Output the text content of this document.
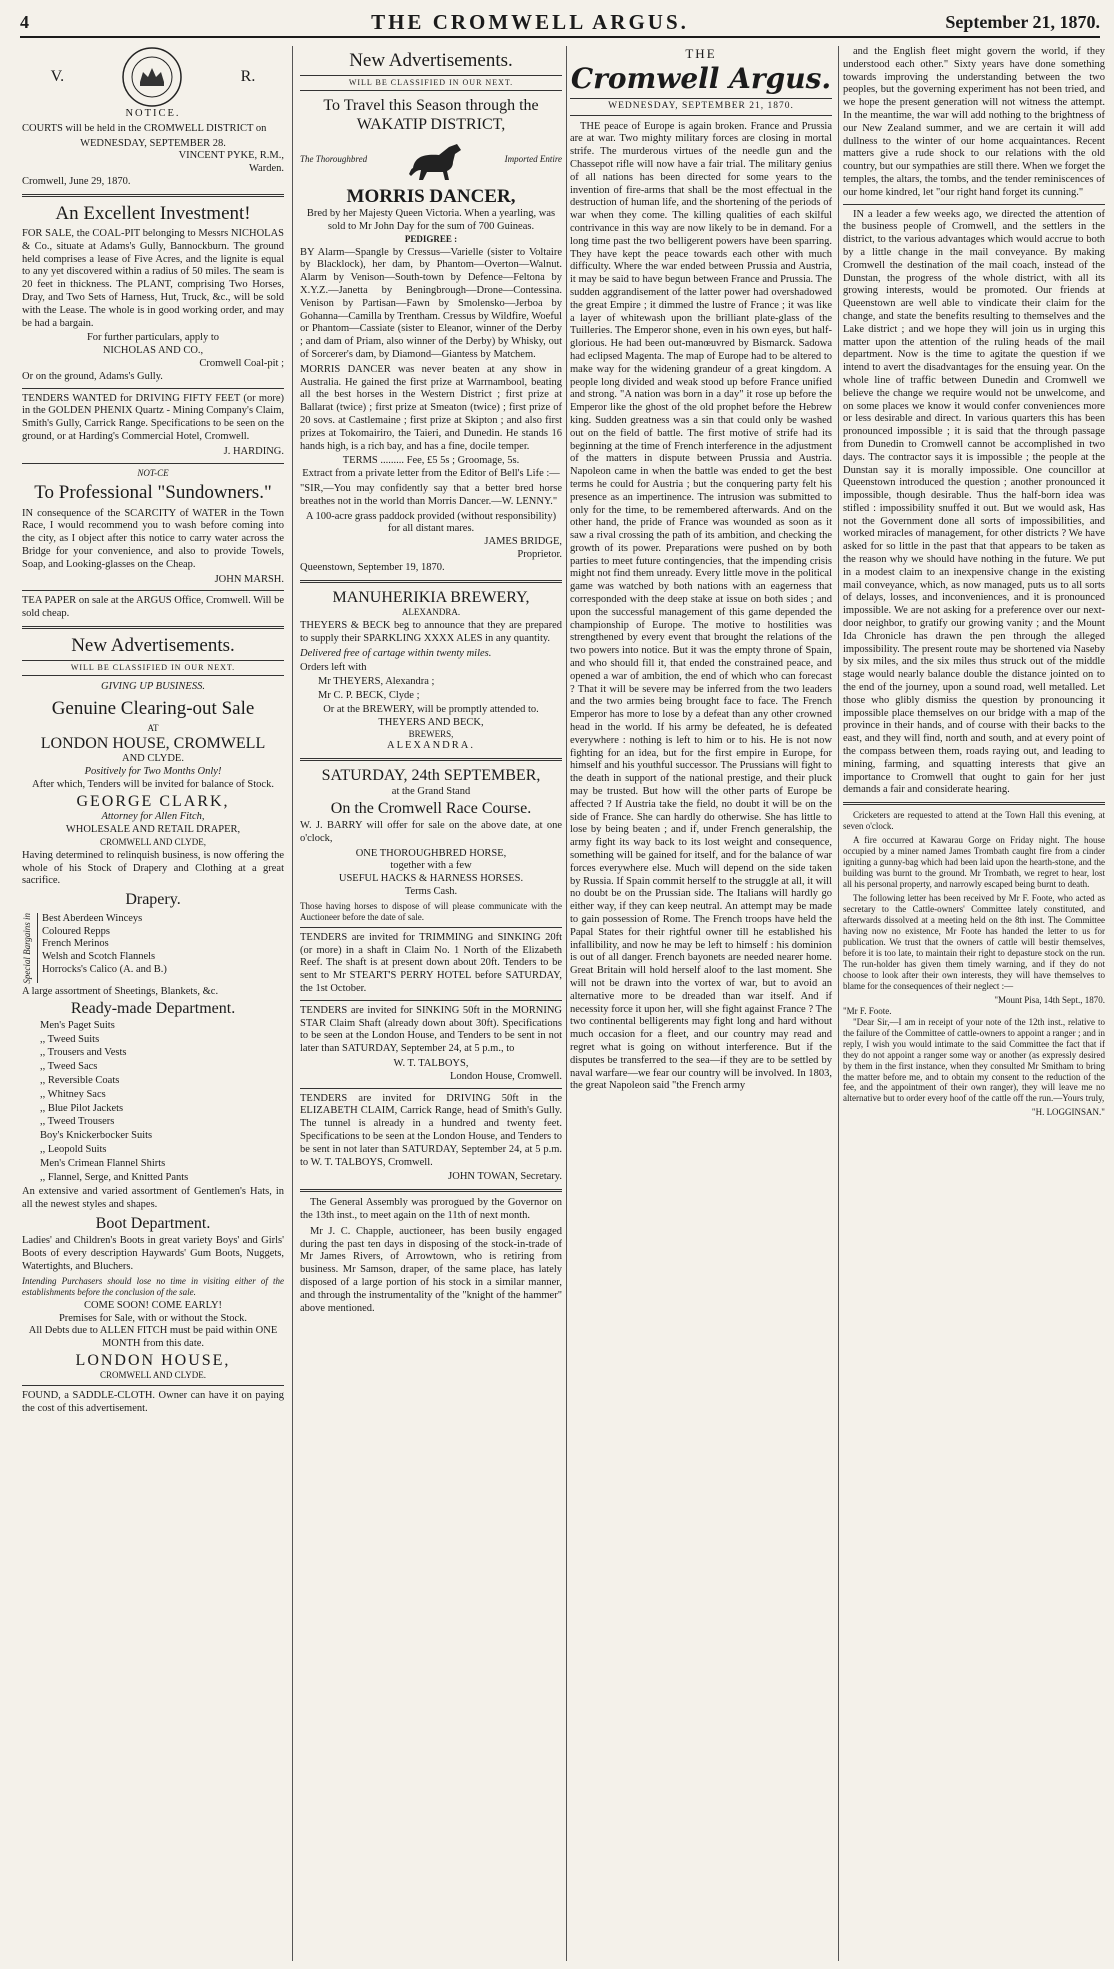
4	THE CROMWELL ARGUS.	September 21, 1870.
V.	R.
NOTICE.
COURTS will be held in the CROMWELL DISTRICT on
WEDNESDAY, SEPTEMBER 28.
VINCENT PYKE, R.M.,
Warden.
Cromwell, June 29, 1870.
An Excellent Investment!
FOR SALE, the COAL-PIT belonging to Messrs NICHOLAS & Co., situate at Adams's Gully, Bannockburn. The ground held comprises a lease of Five Acres, and the lignite is equal to any yet discovered within a radius of 50 miles. The seam is 20 feet in thickness. The PLANT, comprising Two Horses, Dray, and Two Sets of Harness, Hut, Truck, &c., will be sold with the Lease. The whole is in good working order, and may be had a bargain.
For further particulars, apply to
NICHOLAS AND CO.,
Cromwell Coal-pit ;
Or on the ground, Adams's Gully.
TENDERS WANTED for DRIVING FIFTY FEET (or more) in the GOLDEN PHENIX Quartz - Mining Company's Claim, Smith's Gully, Carrick Range. Specifications to be seen on the ground, or at Harding's Commercial Hotel, Cromwell.
J. HARDING.
NOT-CE
To Professional "Sundowners."
IN consequence of the SCARCITY of WATER in the Town Race, I would recommend you to wash before coming into the city, as I object after this notice to carry water across the Bridge for your convenience, and also to provide Towels, Soap, and Looking-glasses on the Cheap.
JOHN MARSH.
TEA PAPER on sale at the ARGUS Office, Cromwell. Will be sold cheap.
New Advertisements.
WILL BE CLASSIFIED IN OUR NEXT.
GIVING UP BUSINESS.
Genuine Clearing-out Sale
AT
LONDON HOUSE, CROMWELL
AND CLYDE.
Positively for Two Months Only!
After which, Tenders will be invited for balance of Stock.
GEORGE CLARK,
Attorney for Allen Fitch,
WHOLESALE AND RETAIL DRAPER,
CROMWELL AND CLYDE,
Having determined to relinquish business, is now offering the whole of his Stock of Drapery and Clothing at a great sacrifice.
Drapery.
Special Bargains in Best Aberdeen Winceys
Coloured Repps
French Merinos
Welsh and Scotch Flannels
Horrocks's Calico (A. and B.)
A large assortment of Sheetings, Blankets, &c.
Ready-made Department.
Men's Paget Suits
,, Tweed Suits
,, Trousers and Vests
,, Tweed Sacs
,, Reversible Coats
,, Whitney Sacs
,, Blue Pilot Jackets
,, Tweed Trousers
Boy's Knickerbocker Suits
,, Leopold Suits
Men's Crimean Flannel Shirts
,, Flannel, Serge, and Knitted Pants
An extensive and varied assortment of Gentlemen's Hats, in all the newest styles and shapes.
Boot Department.
Ladies' and Children's Boots in great variety Boys' and Girls' Boots of every description Haywards' Gum Boots, Nuggets, Watertights, and Bluchers.
Intending Purchasers should lose no time in visiting either of the establishments before the conclusion of the sale.
COME SOON! COME EARLY!
Premises for Sale, with or without the Stock.
All Debts due to ALLEN FITCH must be paid within ONE MONTH from this date.
LONDON HOUSE,
CROMWELL AND CLYDE.
FOUND, a SADDLE-CLOTH. Owner can have it on paying the cost of this advertisement.
New Advertisements.
WILL BE CLASSIFIED IN OUR NEXT.
To Travel this Season through the WAKATIP DISTRICT,
The Thoroughbred	Imported Entire
MORRIS DANCER,
Bred by her Majesty Queen Victoria. When a yearling, was sold to Mr John Day for the sum of 700 Guineas.
PEDIGREE :
BY Alarm—Spangle by Cressus—Varielle (sister to Voltaire by Blacklock), her dam, by Phantom—Overton—Walnut. Alarm by Venison—South-town by Defence—Feltona by X.Y.Z.—Janetta by Beningbrough—Drone—Contessina. Venison by Partisan—Fawn by Smolensko—Jerboa by Gohanna—Camilla by Trentham. Cressus by Wildfire, Woeful or Phantom—Cassiate (sister to Eleanor, winner of the Derby ; and dam of Priam, also winner of the Derby) by Whisky, out of Sorcerer's dam, by Diamond—Giantess by Matchem.
MORRIS DANCER was never beaten at any show in Australia. He gained the first prize at Warrnambool, beating all the best horses in the Western District ; first prize at Ballarat (twice) ; first prize at Smeaton (twice) ; first prize of 20 sovs. at Castlemaine ; first prize at Skipton ; and also first prizes at Tokomairiro, the Taieri, and Dunedin. He stands 16 hands high, is a rich bay, and has a fine, docile temper.
TERMS ......... Fee, £5 5s ; Groomage, 5s.
Extract from a private letter from the Editor of Bell's Life :—
"SIR,—You may confidently say that a better bred horse breathes not in the world than Morris Dancer.—W. LENNY."
A 100-acre grass paddock provided (without responsibility) for all distant mares.
JAMES BRIDGE,
Proprietor.
Queenstown, September 19, 1870.
MANUHERIKIA BREWERY,
ALEXANDRA.
THEYERS & BECK beg to announce that they are prepared to supply their SPARKLING XXXX ALES in any quantity.
Delivered free of cartage within twenty miles.
Orders left with
Mr THEYERS, Alexandra ;
Mr C. P. BECK, Clyde ;
Or at the BREWERY, will be promptly attended to.
THEYERS AND BECK,
BREWERS,
ALEXANDRA.
SATURDAY, 24th SEPTEMBER,
at the Grand Stand
On the Cromwell Race Course.
W. J. BARRY will offer for sale on the above date, at one o'clock,
ONE THOROUGHBRED HORSE,
together with a few
USEFUL HACKS & HARNESS HORSES.
Terms Cash.
Those having horses to dispose of will please communicate with the Auctioneer before the date of sale.
TENDERS are invited for TRIMMING and SINKING 20ft (or more) in a shaft in Claim No. 1 North of the Elizabeth Reef. The shaft is at present down about 20ft. Tenders to be sent to Mr STEART'S PERRY HOTEL before SATURDAY, the 1st October.
TENDERS are invited for SINKING 50ft in the MORNING STAR Claim Shaft (already down about 30ft). Specifications to be seen at the London House, and Tenders to be sent in not later than SATURDAY, September 24, at 5 p.m., to
W. T. TALBOYS,
London House, Cromwell.
TENDERS are invited for DRIVING 50ft in the ELIZABETH CLAIM, Carrick Range, head of Smith's Gully. The tunnel is already in a hundred and twenty feet. Specifications to be seen at the London House, and Tenders to be sent in not later than SATURDAY, September 24, at 5 p.m. to W. T. TALBOYS, Cromwell.
JOHN TOWAN, Secretary.
The General Assembly was prorogued by the Governor on the 13th inst., to meet again on the 11th of next month.
Mr J. C. Chapple, auctioneer, has been busily engaged during the past ten days in disposing of the stock-in-trade of Mr James Rivers, of Arrowtown, who is retiring from business. Mr Samson, draper, of the same place, has lately disposed of a large portion of his stock in a similar manner, and through the instrumentality of the "knight of the hammer" above mentioned.
THE
Cromwell Argus.
WEDNESDAY, SEPTEMBER 21, 1870.
THE peace of Europe is again broken. France and Prussia are at war. Two mighty military forces are closing in mortal strife. The murderous virtues of the needle gun and the Chassepot rifle will now have a fair trial. The military genius of all nations has been directed for some years to the invention of fire-arms that shall be the most effectual in the destruction of human life, and the shortening of the periods of war when they come. The killing qualities of each skilful contrivance in this way are now likely to be in demand. For a long time past the two belligerent powers have been sparring. They have kept the peace towards each other with much difficulty. Where the war ended between Prussia and Austria, it may be said to have begun between France and Prussia. The sudden aggrandisement of the latter power had overshadowed the great Empire ; it dimmed the lustre of France ; it was like a layer of whitewash upon the brilliant plate-glass of the Tuilleries. The Emperor shone, even in his own eyes, but half-glorious. He had been out-manœuvred by Bismarck. Sadowa had eclipsed Magenta. The map of Europe had to be altered to make way for the widening grandeur of a great kingdom. A people long divided and weak stood up before France unified and strong. "A nation was born in a day" it rose up before the Emperor like the ghost of the old prophet before the Hebrew king. Sudden greatness was a sin that could only be washed out on the field of battle. The first motive of strife had its beginning at the time of French interference in the adjustment of the matters in dispute between Prussia and Austria. Napoleon came in when the battle was ended to get the best terms he could for Austria ; but the conquering party felt his presence as an impertinence. The intrusion was submitted to only for the time, to be remembered afterwards. And on the other hand, the pride of France was wounded as soon as it saw a rival crossing the path of its ambition, and checking the growth of its power. Preparations were pushed on by both parties to meet future contingencies, that the impending crisis might not find them unready. Every little move in the political game was watched by both nations with an eagerness that corresponded with the deep stake at issue on both sides ; and upon the successful management of this game depended the championship of Europe. The motive to hostilities was strengthened by every event that brought the relations of the two powers into notice. But it was the empty throne of Spain, and who should fill it, that ended the constrained peace, and opened a war of ambition, the end of which who can forecast ? That it will be severe may be inferred from the two leaders and the two armies being brought face to face. The French Emperor has more to lose by a defeat than any other crowned head in the world. If his army be defeated, he is defeated everywhere : nothing is left to him or to his. He is not now fighting for an idea, but for the first empire in Europe, for himself and his youthful successor. The Prussians will fight to the death in support of the national prestige, and their pluck may be trusted. But how will the other parts of Europe be affected ? If Austria take the field, no doubt it will be on the side of France. She can hardly do otherwise. She has little to lose by being beaten ; and if, under French generalship, the army fight its way back to its lost weight and consequence, something will be gained for itself, and for the balance of war forces everywhere else. Much will depend on the side taken by Russia. If Spain commit herself to the struggle at all, it will no doubt be on the Prussian side. The Italians will hardly go either way, if they can keep neutral. An attempt may be made to gain possession of Rome. The French troops have held the Papal States for their rightful owner till he established his infallibility, and now he may be left to himself : his dominion is out of all danger. French bayonets are needed nearer home. Great Britain will hold herself aloof to the last moment. She will not be drawn into the vortex of war, but to avoid an alternative more to be dreaded than war itself. And if necessity force it upon her, will she fight against France ? The two continental belligerents may fight long and hard without much occasion for a fleet, and our country may read and regret what is going on without interference. But if the disputes be transferred to the sea—if they are to be settled by naval warfare—we fear our country will be involved. In 1803, the great Napoleon said "the French army
and the English fleet might govern the world, if they understood each other." Sixty years have done something towards improving the understanding between the two peoples, but the governing experiment has not been tried, and we hope the present generation will not witness the attempt. In the meantime, the war will add nothing to the brightness of our New Zealand summer, and we are certain it will add dullness to the winter of our home acquaintances. Recent matters give a rude shock to our relations with the old country, but our sympathies are still there. When we forget the temples, the altars, the tombs, and the tender reminiscences of our home kindred, let "our right hand forget its cunning."
IN a leader a few weeks ago, we directed the attention of the business people of Cromwell, and the settlers in the district, to the various advantages which would accrue to both by a little change in the mail conveyance. By making Cromwell the destination of the mail coach, instead of the Dunstan, the progress of the whole district, with all its growing interests, would be promoted. Our friends at Queenstown are well able to vindicate their claim for the change, and state the benefits resulting to themselves and the Lake district ; and we hope they will join us in urging this matter upon the attention of the ruling heads of the mail department. Now is the time to agitate the question if we intend to avert the disadvantages for the ensuing year. On the whole line of traffic between Dunedin and Cromwell we believe the change we require would not be unwelcome, and on some places we know it would confer conveniences more or less desirable and direct. In various quarters this has been pronounced impossible ; it is said that the through passage from Dunedin to Cromwell cannot be accomplished in two days. The contractor says it is impossible ; the people at the Dunstan say it is morally impossible. One councillor at Queenstown introduced the question ; another pronounced it impossible, though desirable. Thus the half-born idea was stifled : impossibility snuffed it out. But we would ask, Has not the Government done all sorts of impossibilities, and worked miracles of management, for other districts ? We have asked for so little in the past that that appears to be taken as the reason why we should have nothing in the future. We put in a modest claim to an inexpensive change in the existing mail conveyance, which, as now managed, puts us to all sorts of delays, losses, and inconveniences, and it is pronounced impossible. We are not asking for a preference over our next-door neighbor, to gratify our growing vanity ; and the Mount Ida Chronicle has drawn the pen through the alleged impossibility. The present route may be shortened via Naseby by six miles, and the six miles thus struck out of the middle stage would nearly balance double the distance jointed on to the end of the journey, upon a sound road, well metalled. Let those who glibly dismiss the question by pronouncing it impossible place themselves on our bridge with a map of the province in their hands, and of course with their backs to the east, and they will find, north and south, and at every point of the compass between them, roads raying out, and leading to mining, farming, and squatting interests that give an importance to Cromwell that ought to gain for her just demands a fair and considerate hearing.
Cricketers are requested to attend at the Town Hall this evening, at seven o'clock.
A fire occurred at Kawarau Gorge on Friday night. The house occupied by a miner named James Trombath caught fire from a cinder igniting a gunny-bag which had been laid upon the hearth-stone, and the building was burnt to the ground. Mr Trombath, we regret to hear, lost all his personal property, and narrowly escaped being burnt to death.
The following letter has been received by Mr F. Foote, who acted as secretary to the Cattle-owners' Committee lately constituted, and afterwards dissolved at a meeting held on the 8th inst. The Committee having now no existence, Mr Foote has handed the letter to us for publication. We trust that the owners of cattle will bestir themselves, before it is too late, to maintain their right to depasture stock on the run. The run-holder has given them timely warning, and if they do not choose to look after their own interests, they will have themselves to blame for the consequences of their neglect :—
"Mount Pisa, 14th Sept., 1870.
"Mr F. Foote.
"Dear Sir,—I am in receipt of your note of the 12th inst., relative to the failure of the Committee of cattle-owners to appoint a ranger ; and in reply, I wish you would intimate to the said Committee the fact that if they do not appoint a ranger some way or another (as expressly desired by them in the first instance, when they consulted Mr Smitham to bring the matter before me, and to obtain my consent to the reduction of the fee, and the appointment of their own ranger), they will leave me no alternative but to order every hoof of the cattle off the run.—Yours truly,
"H. LOGGINSAN."
